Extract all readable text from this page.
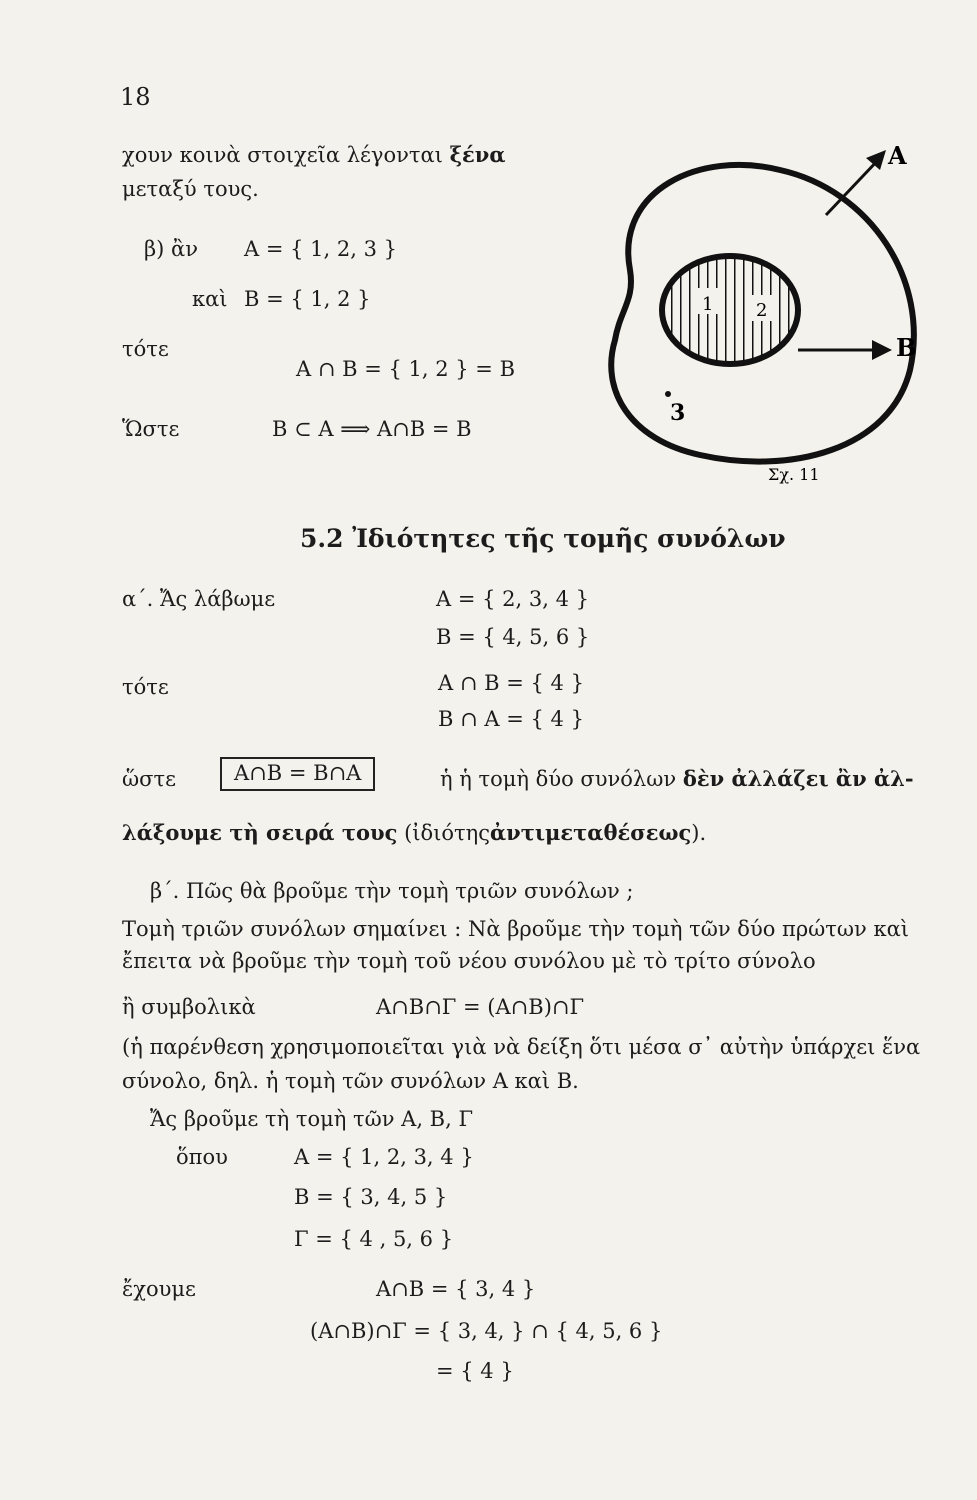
18
χουν κοινὰ στοιχεῖα λέγονται ξένα
μεταξύ τους.
β) ἂν A = { 1, 2, 3 }
καὶ B = { 1, 2 }
τότε
A ∩ B = { 1, 2 } = B
Ὥστε	B ⊂ A ⟹ A∩B = B
A
B
1 2
3
Σχ. 11
5.2 Ἰδιότητες τῆς τομῆς συνόλων
α΄. Ἄς λάβωμε	A = { 2, 3, 4 }
B = { 4, 5, 6 }
τότε	A ∩ B = { 4 }
B ∩ A = { 4 }
ὥστε	A∩B = B∩A	ἡ ἡ τομὴ δύο συνόλων δὲν ἀλλάζει ἂν ἀλ-
λάξουμε τὴ σειρά τους (ἰδιότηςἀντιμεταθέσεως).
β΄. Πῶς θὰ βροῦμε τὴν τομὴ τριῶν συνόλων ;
Τομὴ τριῶν συνόλων σημαίνει : Νὰ βροῦμε τὴν τομὴ τῶν δύο πρώτων καὶ
ἔπειτα νὰ βροῦμε τὴν τομὴ τοῦ νέου συνόλου μὲ τὸ τρίτο σύνολο
ἢ συμβολικὰ	A∩B∩Γ = (A∩B)∩Γ
(ἡ παρένθεση χρησιμοποιεῖται γιὰ νὰ δείξη ὅτι μέσα σ᾽ αὐτὴν ὑπάρχει ἕνα
σύνολο, δηλ. ἡ τομὴ τῶν συνόλων A καὶ B.
Ἄς βροῦμε τὴ τομὴ τῶν A, B, Γ
ὅπου	A = { 1, 2, 3, 4 }
B = { 3, 4, 5 }
Γ = { 4 , 5, 6 }
ἔχουμε	A∩B = { 3, 4 }
(A∩B)∩Γ = { 3, 4, } ∩ { 4, 5, 6 }
= { 4 }
